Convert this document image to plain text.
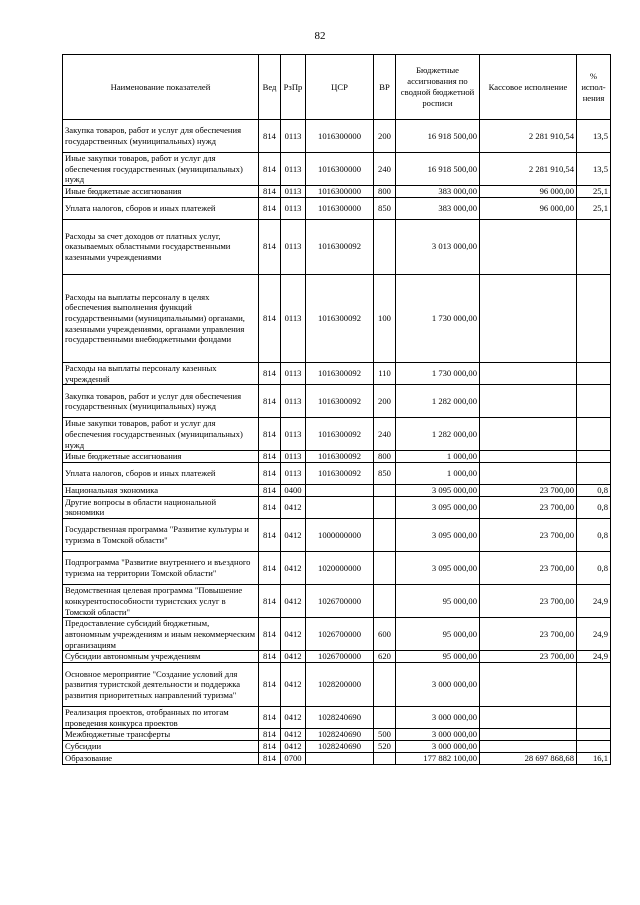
82
Наименование показателей	Вед	РзПр	ЦСР	ВР	Бюджетные ассигнования по сводной бюджетной росписи	Кассовое исполнение	% испол-нения
Закупка товаров, работ и услуг для обеспечения государственных (муниципальных) нужд	814	0113	1016300000	200	16 918 500,00	2 281 910,54	13,5
Иные закупки товаров, работ и услуг для обеспечения государственных (муниципальных) нужд	814	0113	1016300000	240	16 918 500,00	2 281 910,54	13,5
Иные бюджетные ассигнования	814	0113	1016300000	800	383 000,00	96 000,00	25,1
Уплата налогов, сборов и иных платежей	814	0113	1016300000	850	383 000,00	96 000,00	25,1
Расходы за счет доходов от платных услуг, оказываемых областными государственными казенными учреждениями	814	0113	1016300092		3 013 000,00		
Расходы на выплаты персоналу в целях обеспечения выполнения функций государственными (муниципальными) органами, казенными учреждениями, органами управления государственными внебюджетными фондами	814	0113	1016300092	100	1 730 000,00		
Расходы на выплаты персоналу казенных учреждений	814	0113	1016300092	110	1 730 000,00		
Закупка товаров, работ и услуг для обеспечения государственных (муниципальных) нужд	814	0113	1016300092	200	1 282 000,00		
Иные закупки товаров, работ и услуг для обеспечения государственных (муниципальных) нужд	814	0113	1016300092	240	1 282 000,00		
Иные бюджетные ассигнования	814	0113	1016300092	800	1 000,00		
Уплата налогов, сборов и иных платежей	814	0113	1016300092	850	1 000,00		
Национальная экономика	814	0400			3 095 000,00	23 700,00	0,8
Другие вопросы в области национальной экономики	814	0412			3 095 000,00	23 700,00	0,8
Государственная программа "Развитие культуры и туризма в Томской области"	814	0412	1000000000		3 095 000,00	23 700,00	0,8
Подпрограмма "Развитие внутреннего и въездного туризма на территории Томской области"	814	0412	1020000000		3 095 000,00	23 700,00	0,8
Ведомственная целевая программа "Повышение конкурентоспособности туристских услуг в Томской области"	814	0412	1026700000		95 000,00	23 700,00	24,9
Предоставление субсидий бюджетным, автономным учреждениям и иным некоммерческим организациям	814	0412	1026700000	600	95 000,00	23 700,00	24,9
Субсидии автономным учреждениям	814	0412	1026700000	620	95 000,00	23 700,00	24,9
Основное мероприятие "Создание условий для развития туристской деятельности и поддержка развития приоритетных направлений туризма"	814	0412	1028200000		3 000 000,00		
Реализация проектов, отобранных по итогам проведения конкурса проектов	814	0412	1028240690		3 000 000,00		
Межбюджетные трансферты	814	0412	1028240690	500	3 000 000,00		
Субсидии	814	0412	1028240690	520	3 000 000,00		
Образование	814	0700			177 882 100,00	28 697 868,68	16,1
